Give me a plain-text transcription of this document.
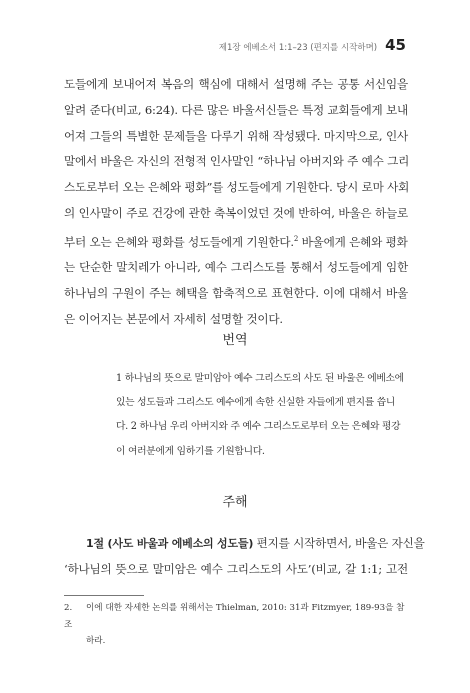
제1장 에베소서 1:1–23 (편지를 시작하며) 45
도들에게 보내어져 복음의 핵심에 대해서 설명해 주는 공통 서신임을
알려 준다(비교, 6:24). 다른 많은 바울서신들은 특정 교회들에게 보내
어져 그들의 특별한 문제들을 다루기 위해 작성됐다. 마지막으로, 인사
말에서 바울은 자신의 전형적 인사말인 “하나님 아버지와 주 예수 그리
스도로부터 오는 은혜와 평화”를 성도들에게 기원한다. 당시 로마 사회
의 인사말이 주로 건강에 관한 축복이었던 것에 반하여, 바울은 하늘로
부터 오는 은혜와 평화를 성도들에게 기원한다.$^2$ 바울에게 은혜와 평화
는 단순한 말치레가 아니라, 예수 그리스도를 통해서 성도들에게 임한
하나님의 구원이 주는 혜택을 함축적으로 표현한다. 이에 대해서 바울
은 이어지는 본문에서 자세히 설명할 것이다.
번역
1 하나님의 뜻으로 말미암아 예수 그리스도의 사도 된 바울은 에베소에
있는 성도들과 그리스도 예수에게 속한 신실한 자들에게 편지를 씁니
다. 2 하나님 우리 아버지와 주 예수 그리스도로부터 오는 은혜와 평강
이 여러분에게 임하기를 기원합니다.
주해
1절 (사도 바울과 에베소의 성도들) 편지를 시작하면서, 바울은 자신을
‘하나님의 뜻으로 말미암은 예수 그리스도의 사도’(비교, 갈 1:1; 고전
2. 이에 대한 자세한 논의를 위해서는 Thielman, 2010: 31과 Fitzmyer, 189-93을 참조
하라.
